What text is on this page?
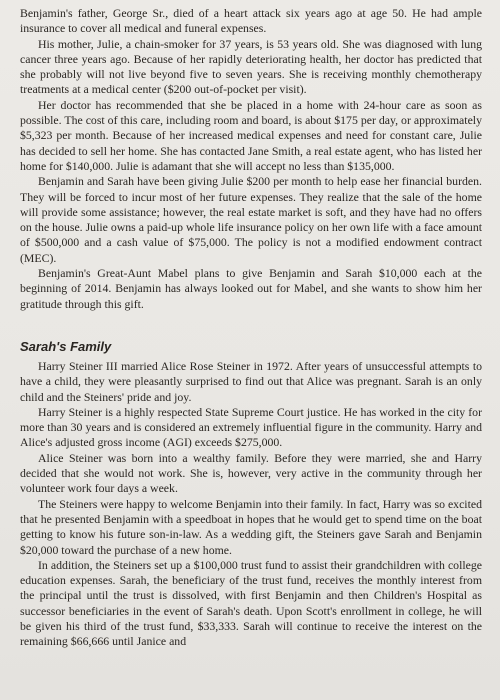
Benjamin's father, George Sr., died of a heart attack six years ago at age 50. He had ample insurance to cover all medical and funeral expenses.

His mother, Julie, a chain-smoker for 37 years, is 53 years old. She was diagnosed with lung cancer three years ago. Because of her rapidly deteriorating health, her doctor has predicted that she probably will not live beyond five to seven years. She is receiving monthly chemotherapy treatments at a medical center ($200 out-of-pocket per visit).

Her doctor has recommended that she be placed in a home with 24-hour care as soon as possible. The cost of this care, including room and board, is about $175 per day, or approximately $5,323 per month. Because of her increased medical expenses and need for constant care, Julie has decided to sell her home. She has contacted Jane Smith, a real estate agent, who has listed her home for $140,000. Julie is adamant that she will accept no less than $135,000.

Benjamin and Sarah have been giving Julie $200 per month to help ease her financial burden. They will be forced to incur most of her future expenses. They realize that the sale of the home will provide some assistance; however, the real estate market is soft, and they have had no offers on the house. Julie owns a paid-up whole life insurance policy on her own life with a face amount of $500,000 and a cash value of $75,000. The policy is not a modified endowment contract (MEC).

Benjamin's Great-Aunt Mabel plans to give Benjamin and Sarah $10,000 each at the beginning of 2014. Benjamin has always looked out for Mabel, and she wants to show him her gratitude through this gift.

Sarah's Family

Harry Steiner III married Alice Rose Steiner in 1972. After years of unsuccessful attempts to have a child, they were pleasantly surprised to find out that Alice was pregnant. Sarah is an only child and the Steiners' pride and joy.

Harry Steiner is a highly respected State Supreme Court justice. He has worked in the city for more than 30 years and is considered an extremely influential figure in the community. Harry and Alice's adjusted gross income (AGI) exceeds $275,000.

Alice Steiner was born into a wealthy family. Before they were married, she and Harry decided that she would not work. She is, however, very active in the community through her volunteer work four days a week.

The Steiners were happy to welcome Benjamin into their family. In fact, Harry was so excited that he presented Benjamin with a speedboat in hopes that he would get to spend time on the boat getting to know his future son-in-law. As a wedding gift, the Steiners gave Sarah and Benjamin $20,000 toward the purchase of a new home.

In addition, the Steiners set up a $100,000 trust fund to assist their grandchildren with college education expenses. Sarah, the beneficiary of the trust fund, receives the monthly interest from the principal until the trust is dissolved, with first Benjamin and then Children's Hospital as successor beneficiaries in the event of Sarah's death. Upon Scott's enrollment in college, he will be given his third of the trust fund, $33,333. Sarah will continue to receive the interest on the remaining $66,666 until Janice and
